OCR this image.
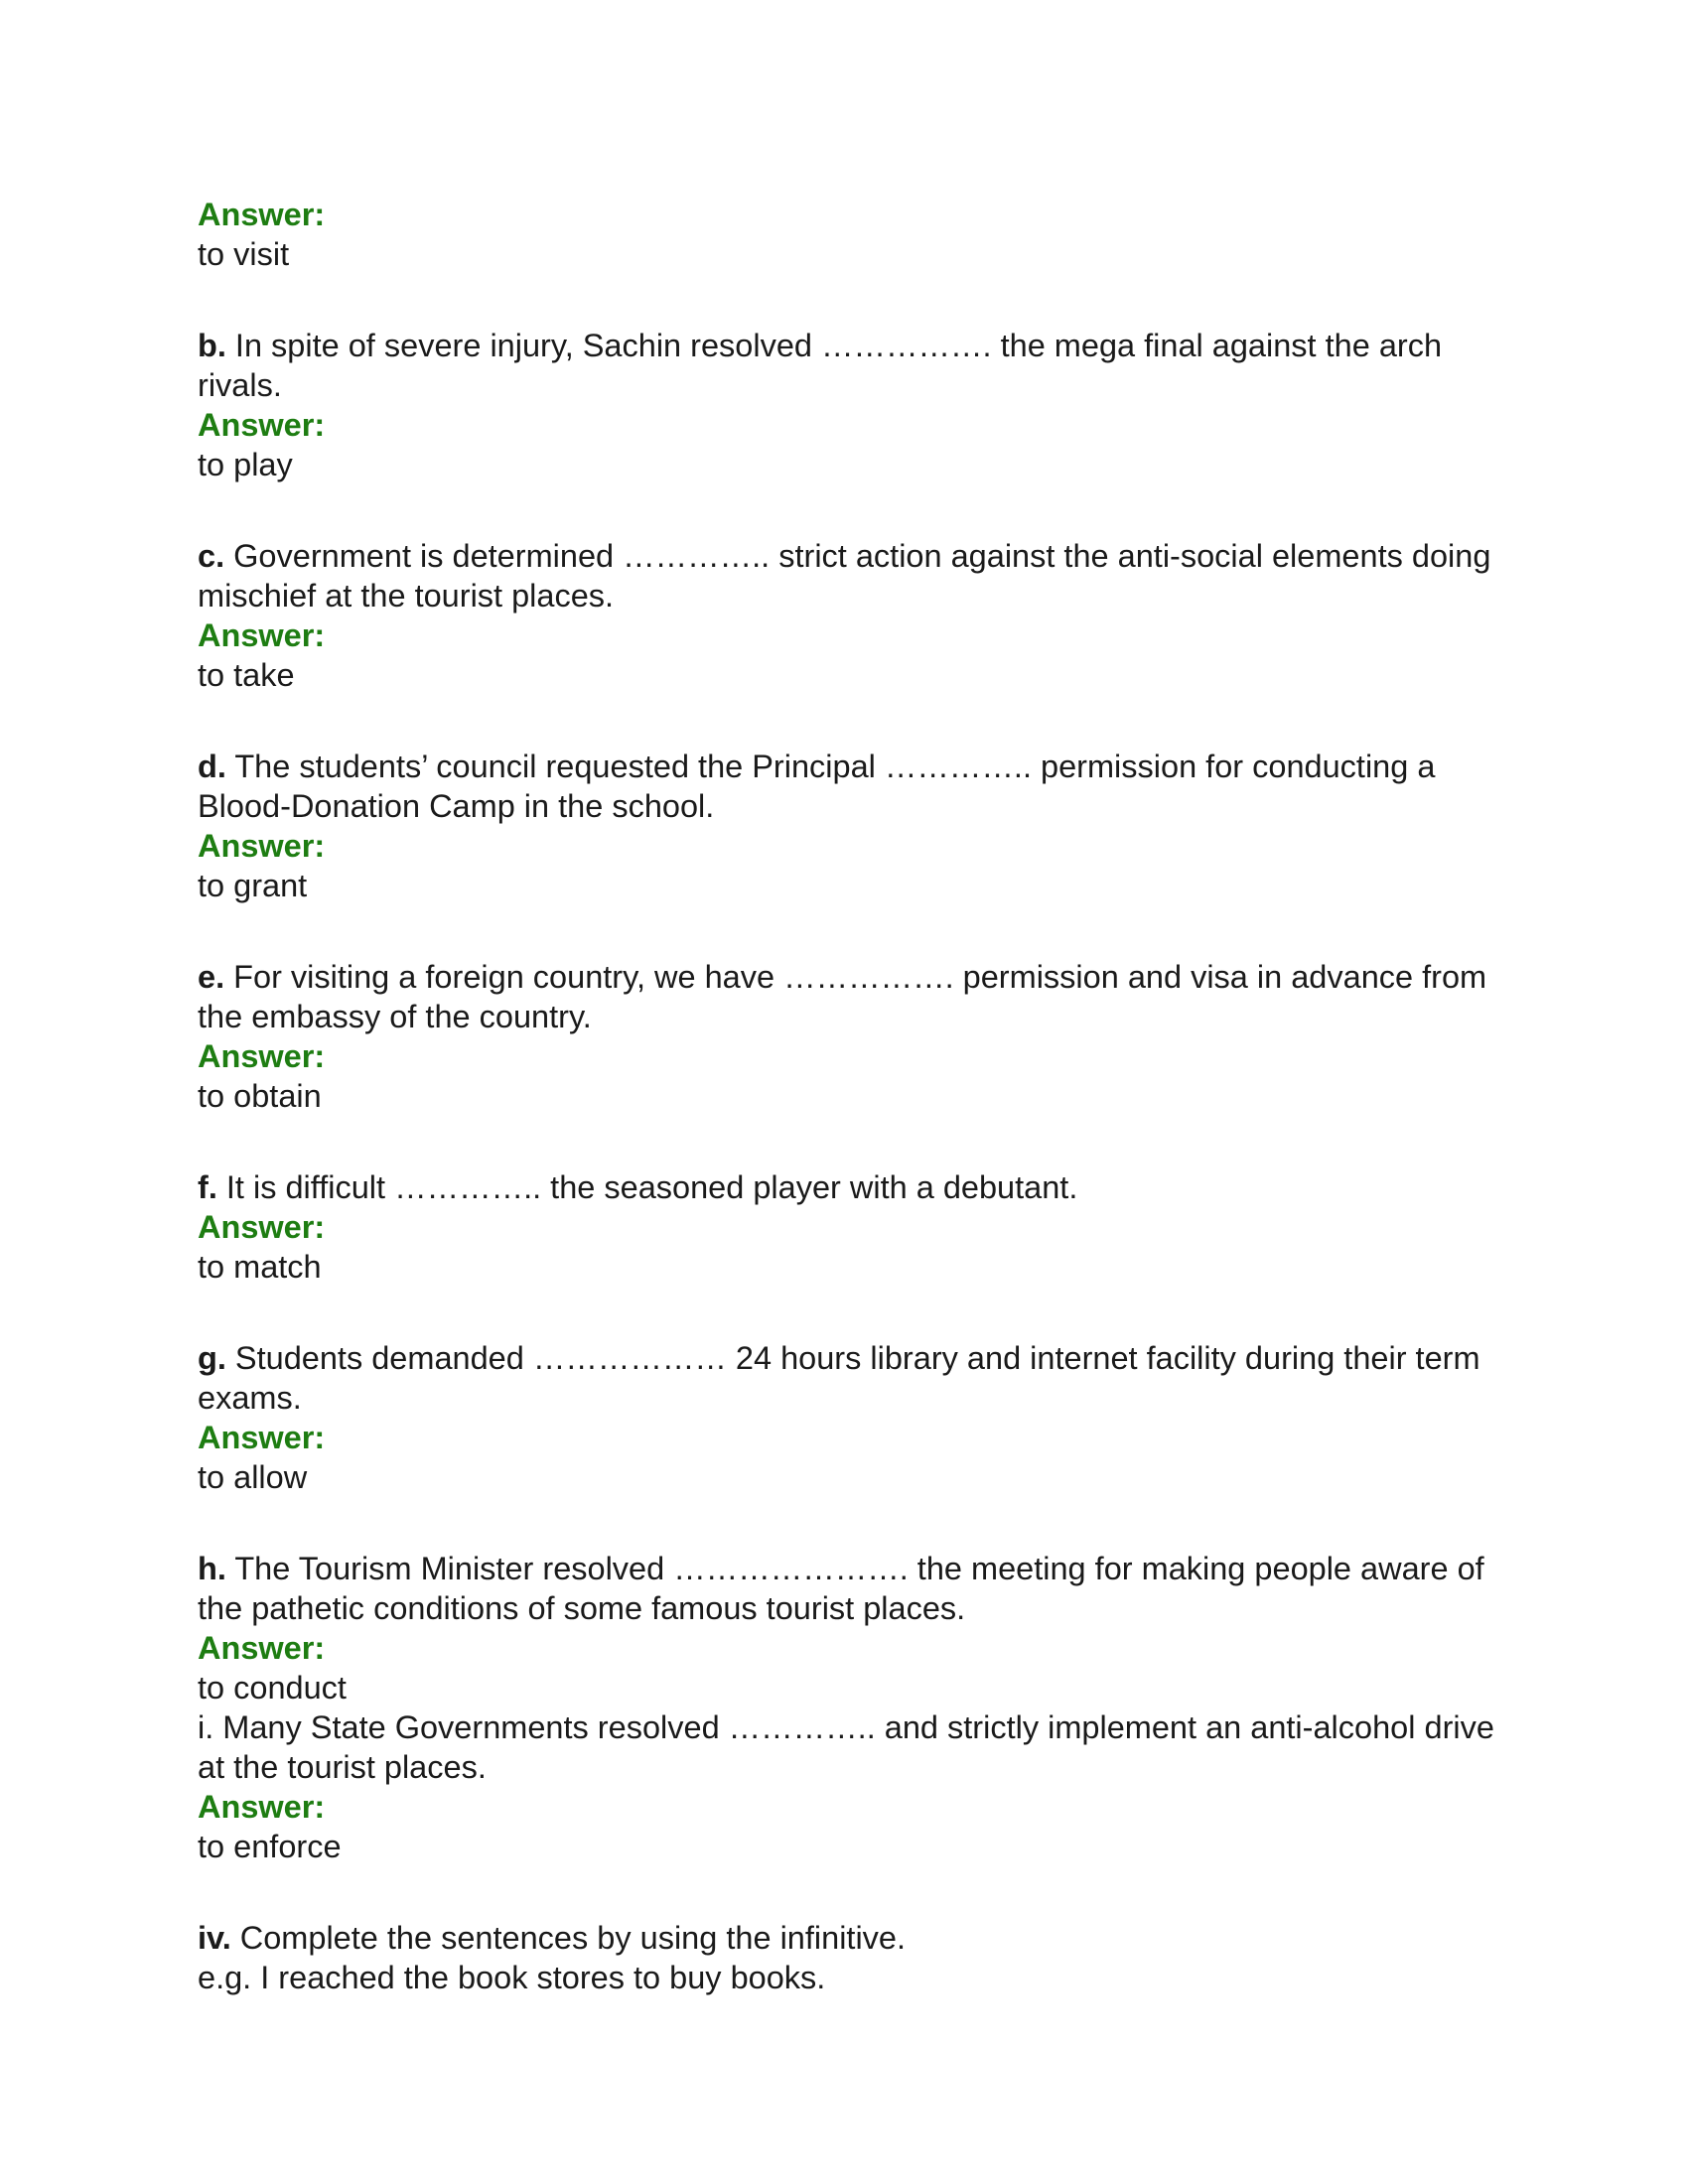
Answer:
to visit

b. In spite of severe injury, Sachin resolved ……………. the mega final against the arch rivals.

Answer:
to play

c. Government is determined ………….. strict action against the anti-social elements doing mischief at the tourist places.

Answer:
to take

d. The students’ council requested the Principal ………….. permission for conducting a Blood-Donation Camp in the school.

Answer:
to grant

e. For visiting a foreign country, we have ……………. permission and visa in advance from the embassy of the country.

Answer:
to obtain

f. It is difficult ………….. the seasoned player with a debutant.

Answer:
to match

g. Students demanded ……………… 24 hours library and internet facility during their term exams.

Answer:
to allow

h. The Tourism Minister resolved …………………. the meeting for making people aware of the pathetic conditions of some famous tourist places.

Answer:
to conduct

i. Many State Governments resolved ………….. and strictly implement an anti-alcohol drive at the tourist places.

Answer:
to enforce

iv. Complete the sentences by using the infinitive.

e.g. I reached the book stores to buy books.
